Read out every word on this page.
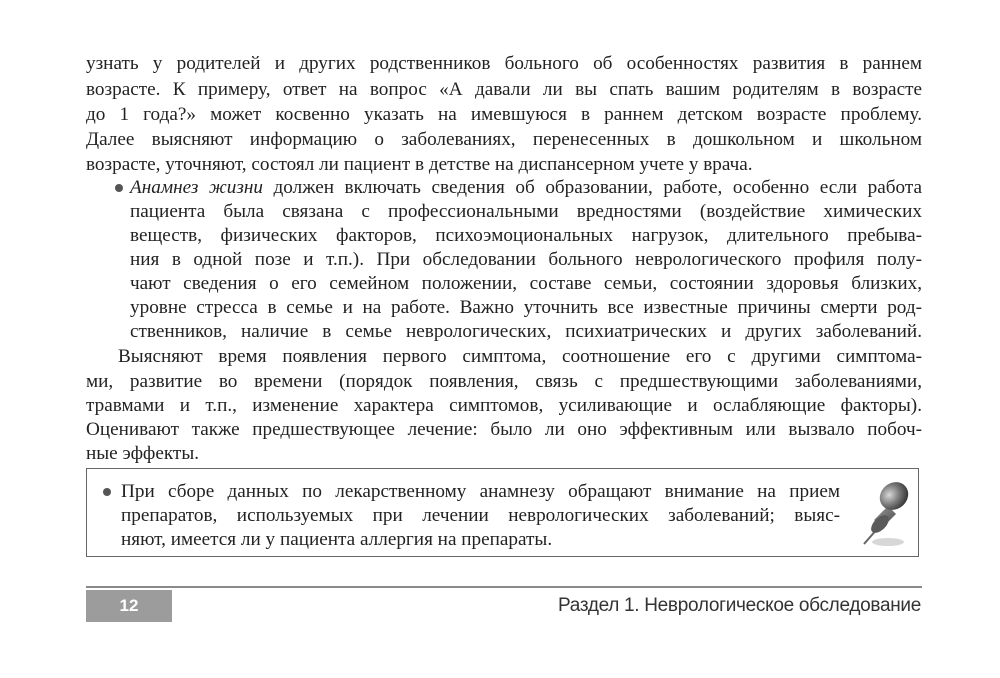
узнать у родителей и других родственников больного об особенностях развития в раннем
возрасте. К примеру, ответ на вопрос «А давали ли вы спать вашим родителям в возрасте
до 1 года?» может косвенно указать на имевшуюся в раннем детском возрасте проблему.
Далее выясняют информацию о заболеваниях, перенесенных в дошкольном и школьном
возрасте, уточняют, состоял ли пациент в детстве на диспансерном учете у врача.
Анамнез жизни должен включать сведения об образовании, работе, особенно если работа
пациента была связана с профессиональными вредностями (воздействие химических
веществ, физических факторов, психоэмоциональных нагрузок, длительного пребыва-
ния в одной позе и т.п.). При обследовании больного неврологического профиля полу-
чают сведения о его семейном положении, составе семьи, состоянии здоровья близких,
уровне стресса в семье и на работе. Важно уточнить все известные причины смерти род-
ственников, наличие в семье неврологических, психиатрических и других заболеваний.
Выясняют время появления первого симптома, соотношение его с другими симптома-
ми, развитие во времени (порядок появления, связь с предшествующими заболеваниями,
травмами и т.п., изменение характера симптомов, усиливающие и ослабляющие факторы).
Оценивают также предшествующее лечение: было ли оно эффективным или вызвало побоч-
ные эффекты.
При сборе данных по лекарственному анамнезу обращают внимание на прием
препаратов, используемых при лечении неврологических заболеваний; выяс-
няют, имеется ли у пациента аллергия на препараты.
12	Раздел 1. Неврологическое обследование
